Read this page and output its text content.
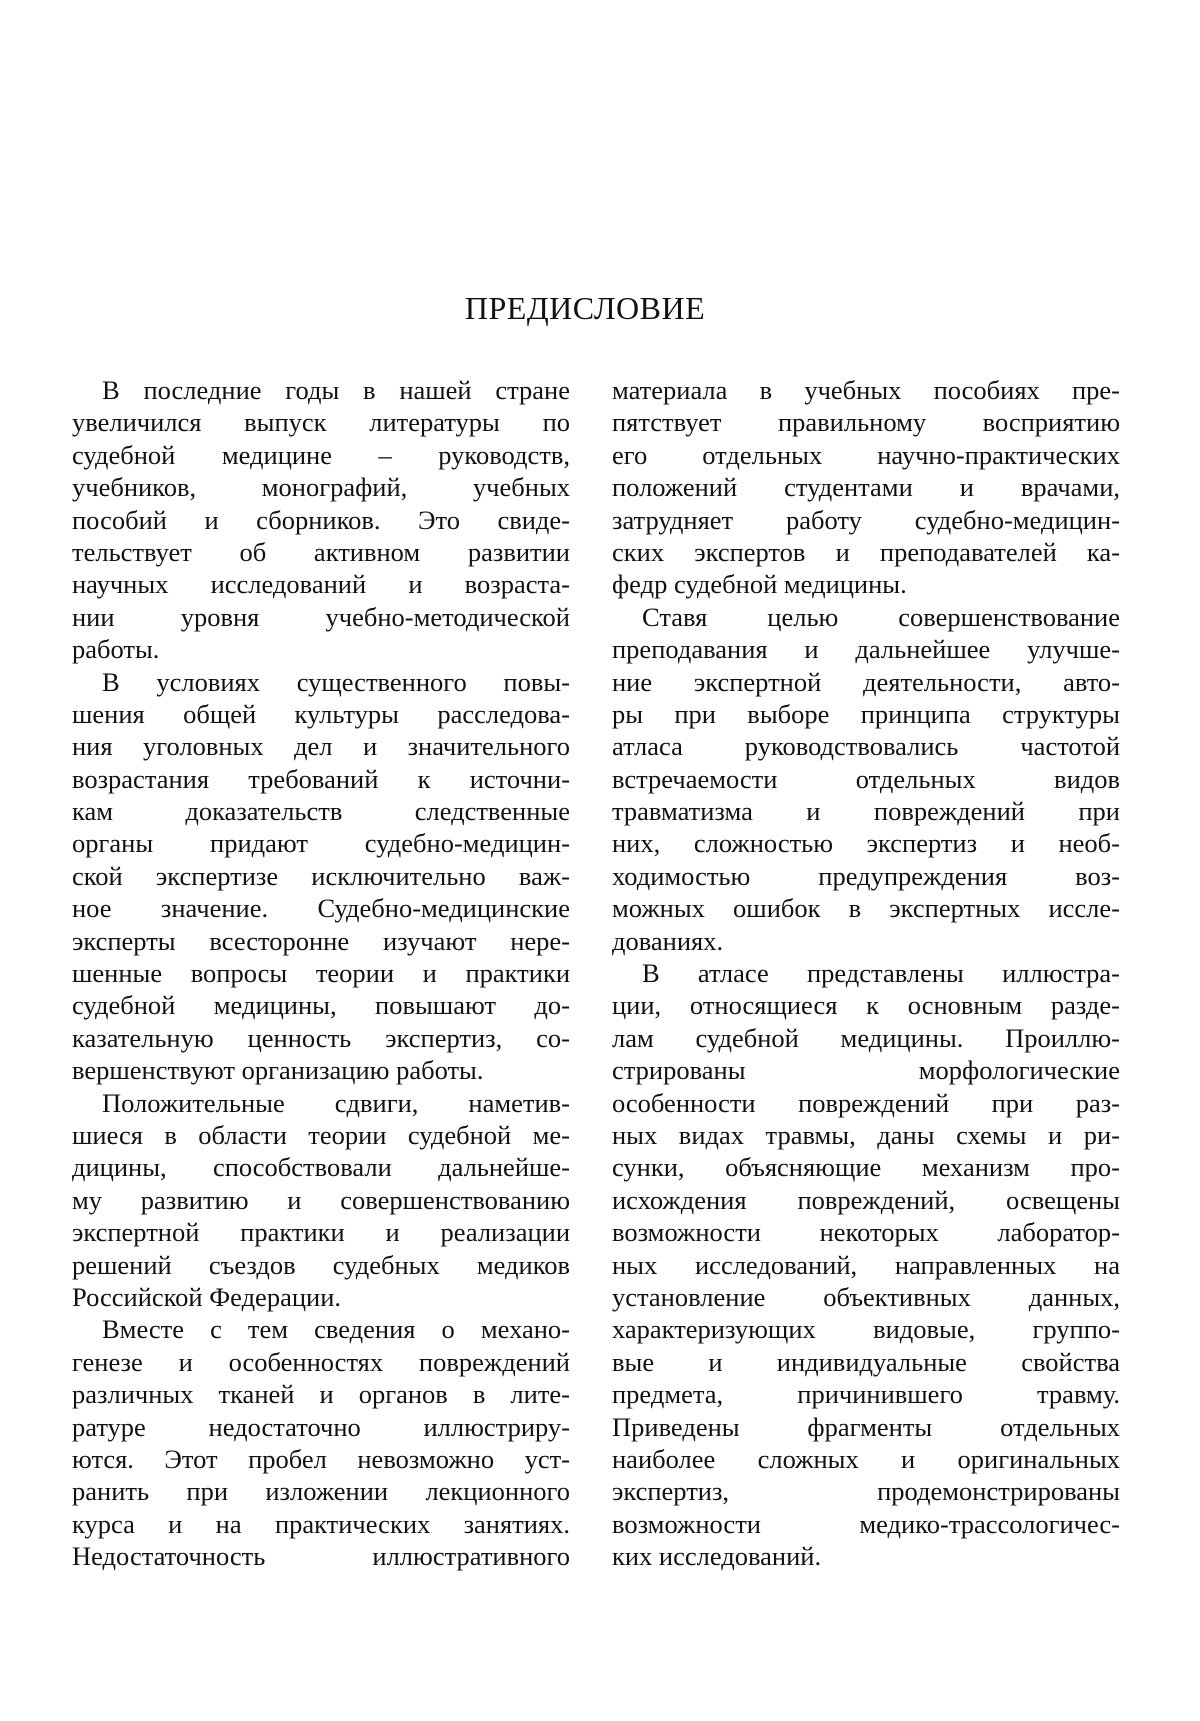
ПРЕДИСЛОВИЕ
В последние годы в нашей стране
увеличился выпуск литературы по
судебной медицине – руководств,
учебников, монографий, учебных
пособий и сборников. Это свиде-
тельствует об активном развитии
научных исследований и возраста-
нии уровня учебно-методической
работы.
В условиях существенного повы-
шения общей культуры расследова-
ния уголовных дел и значительного
возрастания требований к источни-
кам доказательств следственные
органы придают судебно-медицин-
ской экспертизе исключительно важ-
ное значение. Судебно-медицинские
эксперты всесторонне изучают нере-
шенные вопросы теории и практики
судебной медицины, повышают до-
казательную ценность экспертиз, со-
вершенствуют организацию работы.
Положительные сдвиги, наметив-
шиеся в области теории судебной ме-
дицины, способствовали дальнейше-
му развитию и совершенствованию
экспертной практики и реализации
решений съездов судебных медиков
Российской Федерации.
Вместе с тем сведения о механо-
генезе и особенностях повреждений
различных тканей и органов в лите-
ратуре недостаточно иллюстриру-
ются. Этот пробел невозможно уст-
ранить при изложении лекционного
курса и на практических занятиях.
Недостаточность иллюстративного
материала в учебных пособиях пре-
пятствует правильному восприятию
его отдельных научно-практических
положений студентами и врачами,
затрудняет работу судебно-медицин-
ских экспертов и преподавателей ка-
федр судебной медицины.
Ставя целью совершенствование
преподавания и дальнейшее улучше-
ние экспертной деятельности, авто-
ры при выборе принципа структуры
атласа руководствовались частотой
встречаемости отдельных видов
травматизма и повреждений при
них, сложностью экспертиз и необ-
ходимостью предупреждения воз-
можных ошибок в экспертных иссле-
дованиях.
В атласе представлены иллюстра-
ции, относящиеся к основным разде-
лам судебной медицины. Проиллю-
стрированы морфологические
особенности повреждений при раз-
ных видах травмы, даны схемы и ри-
сунки, объясняющие механизм про-
исхождения повреждений, освещены
возможности некоторых лаборатор-
ных исследований, направленных на
установление объективных данных,
характеризующих видовые, группо-
вые и индивидуальные свойства
предмета, причинившего травму.
Приведены фрагменты отдельных
наиболее сложных и оригинальных
экспертиз, продемонстрированы
возможности медико-трассологичес-
ких исследований.
